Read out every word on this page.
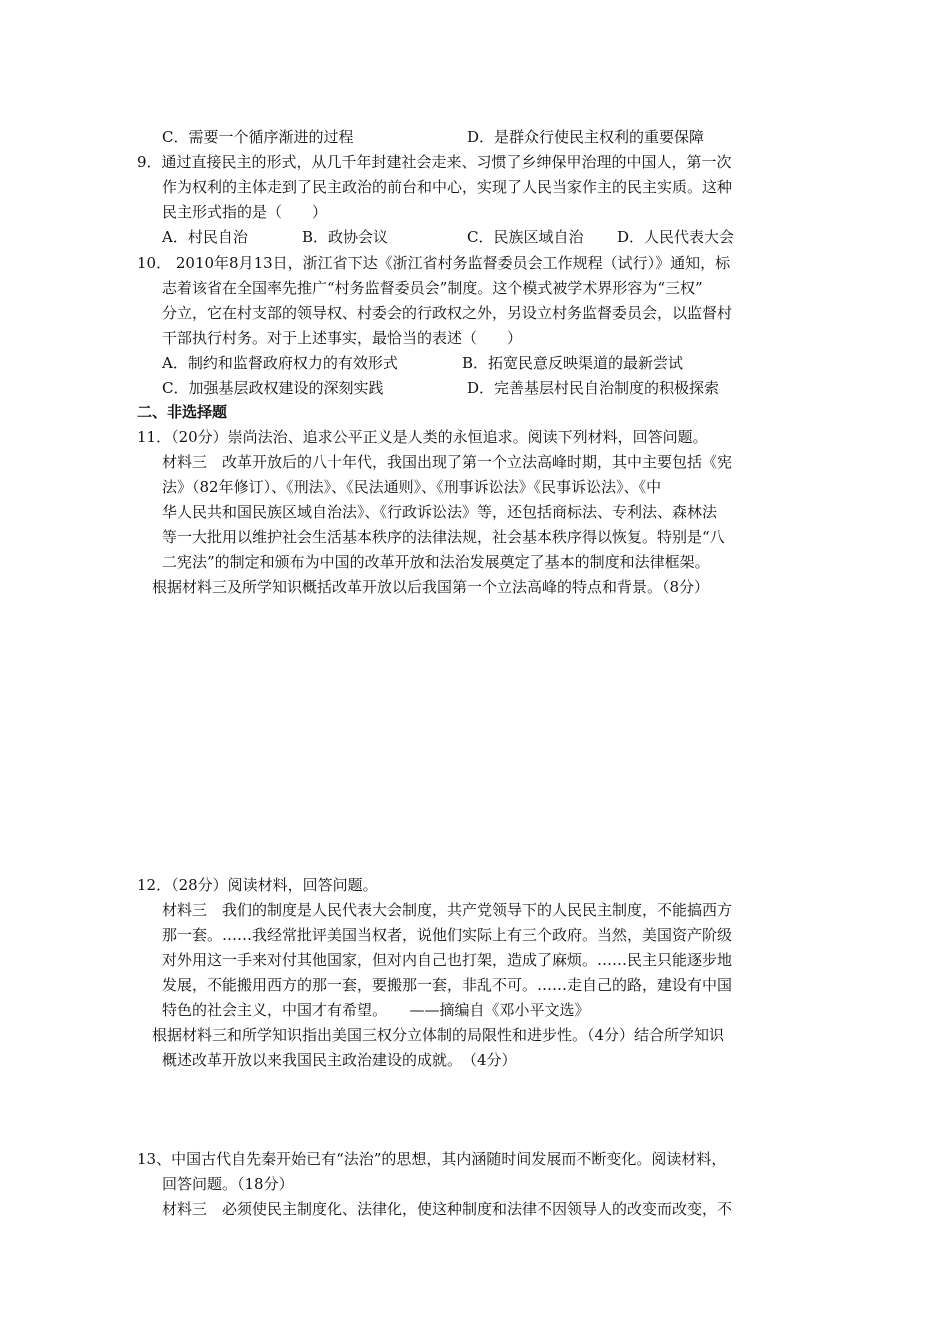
C．需要一个循序渐进的过程	D．是群众行使民主权利的重要保障
9．通过直接民主的形式，从几千年封建社会走来、习惯了乡绅保甲治理的中国人，第一次
作为权利的主体走到了民主政治的前台和中心，实现了人民当家作主的民主实质。这种
民主形式指的是（　　）
A．村民自治	B．政协会议	C．民族区域自治 D．人民代表大会
10． 2010年8月13日，浙江省下达《浙江省村务监督委员会工作规程（试行）》通知，标
志着该省在全国率先推广“村务监督委员会”制度。这个模式被学术界形容为“三权”
分立，它在村支部的领导权、村委会的行政权之外，另设立村务监督委员会，以监督村
干部执行村务。对于上述事实，最恰当的表述（　　）
A．制约和监督政府权力的有效形式	B．拓宽民意反映渠道的最新尝试
C．加强基层政权建设的深刻实践	D．完善基层村民自治制度的积极探索
二、非选择题
11．（20分）崇尚法治、追求公平正义是人类的永恒追求。阅读下列材料，回答问题。
材料三　改革开放后的八十年代，我国出现了第一个立法高峰时期，其中主要包括《宪
法》（82年修订）、《刑法》、《民法通则》、《刑事诉讼法》《民事诉讼法》、《中
华人民共和国民族区域自治法》、《行政诉讼法》等，还包括商标法、专利法、森林法
等一大批用以维护社会生活基本秩序的法律法规，社会基本秩序得以恢复。特别是“八
二宪法”的制定和颁布为中国的改革开放和法治发展奠定了基本的制度和法律框架。
根据材料三及所学知识概括改革开放以后我国第一个立法高峰的特点和背景。（8分）
12．（28分）阅读材料，回答问题。
材料三　我们的制度是人民代表大会制度，共产党领导下的人民民主制度，不能搞西方
那一套。……我经常批评美国当权者，说他们实际上有三个政府。当然，美国资产阶级
对外用这一手来对付其他国家，但对内自己也打架，造成了麻烦。……民主只能逐步地
发展，不能搬用西方的那一套，要搬那一套，非乱不可。……走自己的路，建设有中国
特色的社会主义，中国才有希望。　　——摘编自《邓小平文选》
根据材料三和所学知识指出美国三权分立体制的局限性和进步性。（4分）结合所学知识
概述改革开放以来我国民主政治建设的成就。　（4分）
13、中国古代自先秦开始已有“法治”的思想，其内涵随时间发展而不断变化。阅读材料，
回答问题。（18分）
材料三　必须使民主制度化、法律化，使这种制度和法律不因领导人的改变而改变，不
